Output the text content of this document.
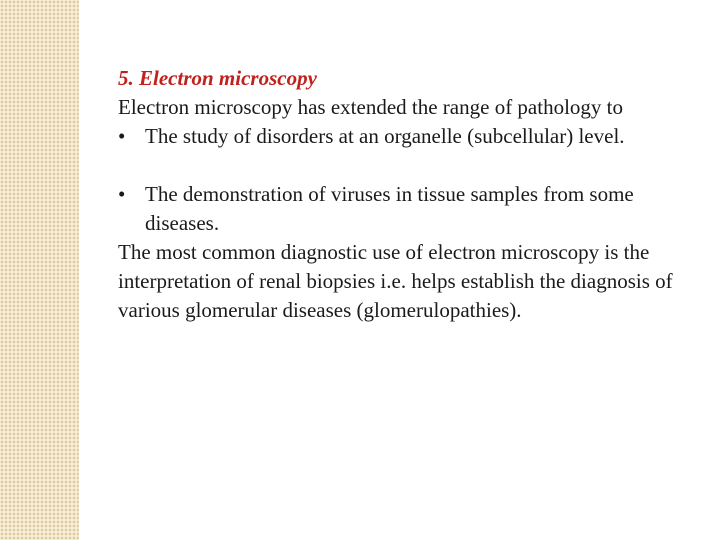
5. Electron microscopy

Electron microscopy has extended the range of pathology to

• The study of disorders at an organelle (subcellular) level.

• The demonstration of viruses in tissue samples from some diseases.

The most common diagnostic use of electron microscopy is the interpretation of renal biopsies i.e. helps establish the diagnosis of various glomerular diseases (glomerulopathies).
